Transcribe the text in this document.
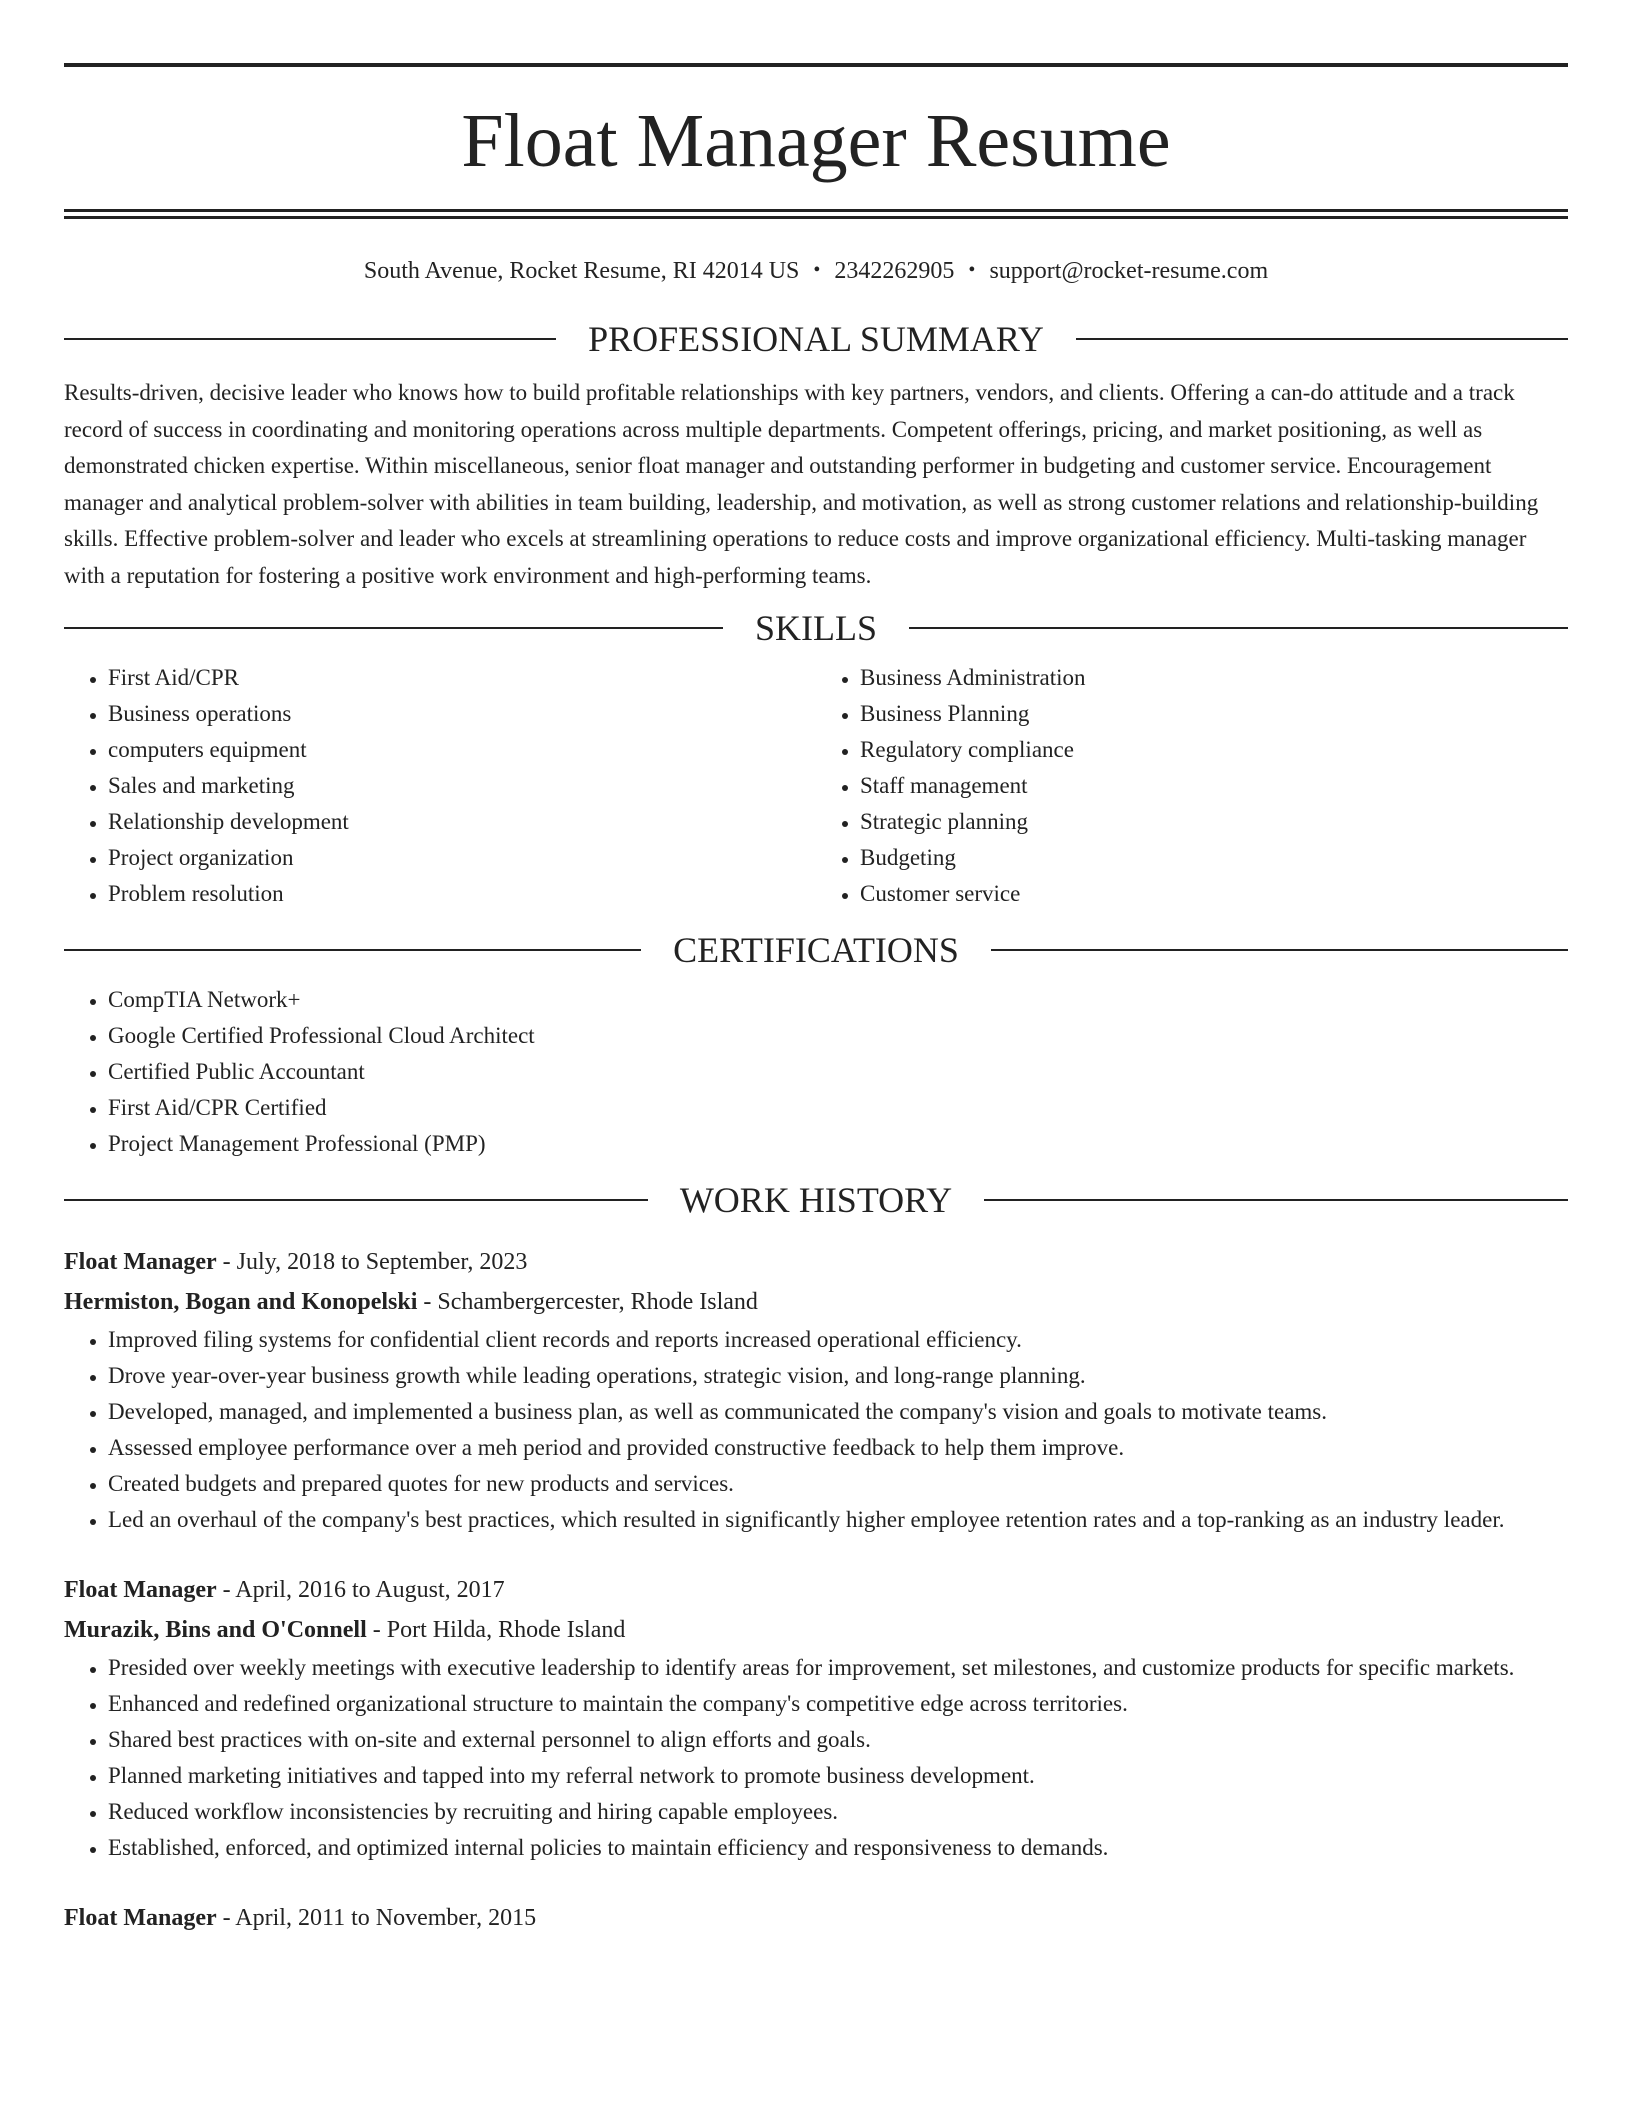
Float Manager Resume
South Avenue, Rocket Resume, RI 42014 US • 2342262905 • support@rocket-resume.com
PROFESSIONAL SUMMARY

Results-driven, decisive leader who knows how to build profitable relationships with key partners, vendors, and clients. Offering a can-do attitude and a track record of success in coordinating and monitoring operations across multiple departments. Competent offerings, pricing, and market positioning, as well as demonstrated chicken expertise. Within miscellaneous, senior float manager and outstanding performer in budgeting and customer service. Encouragement manager and analytical problem-solver with abilities in team building, leadership, and motivation, as well as strong customer relations and relationship-building skills. Effective problem-solver and leader who excels at streamlining operations to reduce costs and improve organizational efficiency. Multi-tasking manager with a reputation for fostering a positive work environment and high-performing teams.

SKILLS
• First Aid/CPR
• Business operations
• computers equipment
• Sales and marketing
• Relationship development
• Project organization
• Problem resolution
• Business Administration
• Business Planning
• Regulatory compliance
• Staff management
• Strategic planning
• Budgeting
• Customer service
CERTIFICATIONS
• CompTIA Network+
• Google Certified Professional Cloud Architect
• Certified Public Accountant
• First Aid/CPR Certified
• Project Management Professional (PMP)
WORK HISTORY
Float Manager - July, 2018 to September, 2023
Hermiston, Bogan and Konopelski - Schambergercester, Rhode Island
• Improved filing systems for confidential client records and reports increased operational efficiency.
• Drove year-over-year business growth while leading operations, strategic vision, and long-range planning.
• Developed, managed, and implemented a business plan, as well as communicated the company's vision and goals to motivate teams.
• Assessed employee performance over a meh period and provided constructive feedback to help them improve.
• Created budgets and prepared quotes for new products and services.
• Led an overhaul of the company's best practices, which resulted in significantly higher employee retention rates and a top-ranking as an industry leader.
Float Manager - April, 2016 to August, 2017
Murazik, Bins and O'Connell - Port Hilda, Rhode Island
• Presided over weekly meetings with executive leadership to identify areas for improvement, set milestones, and customize products for specific markets.
• Enhanced and redefined organizational structure to maintain the company's competitive edge across territories.
• Shared best practices with on-site and external personnel to align efforts and goals.
• Planned marketing initiatives and tapped into my referral network to promote business development.
• Reduced workflow inconsistencies by recruiting and hiring capable employees.
• Established, enforced, and optimized internal policies to maintain efficiency and responsiveness to demands.
Float Manager - April, 2011 to November, 2015
